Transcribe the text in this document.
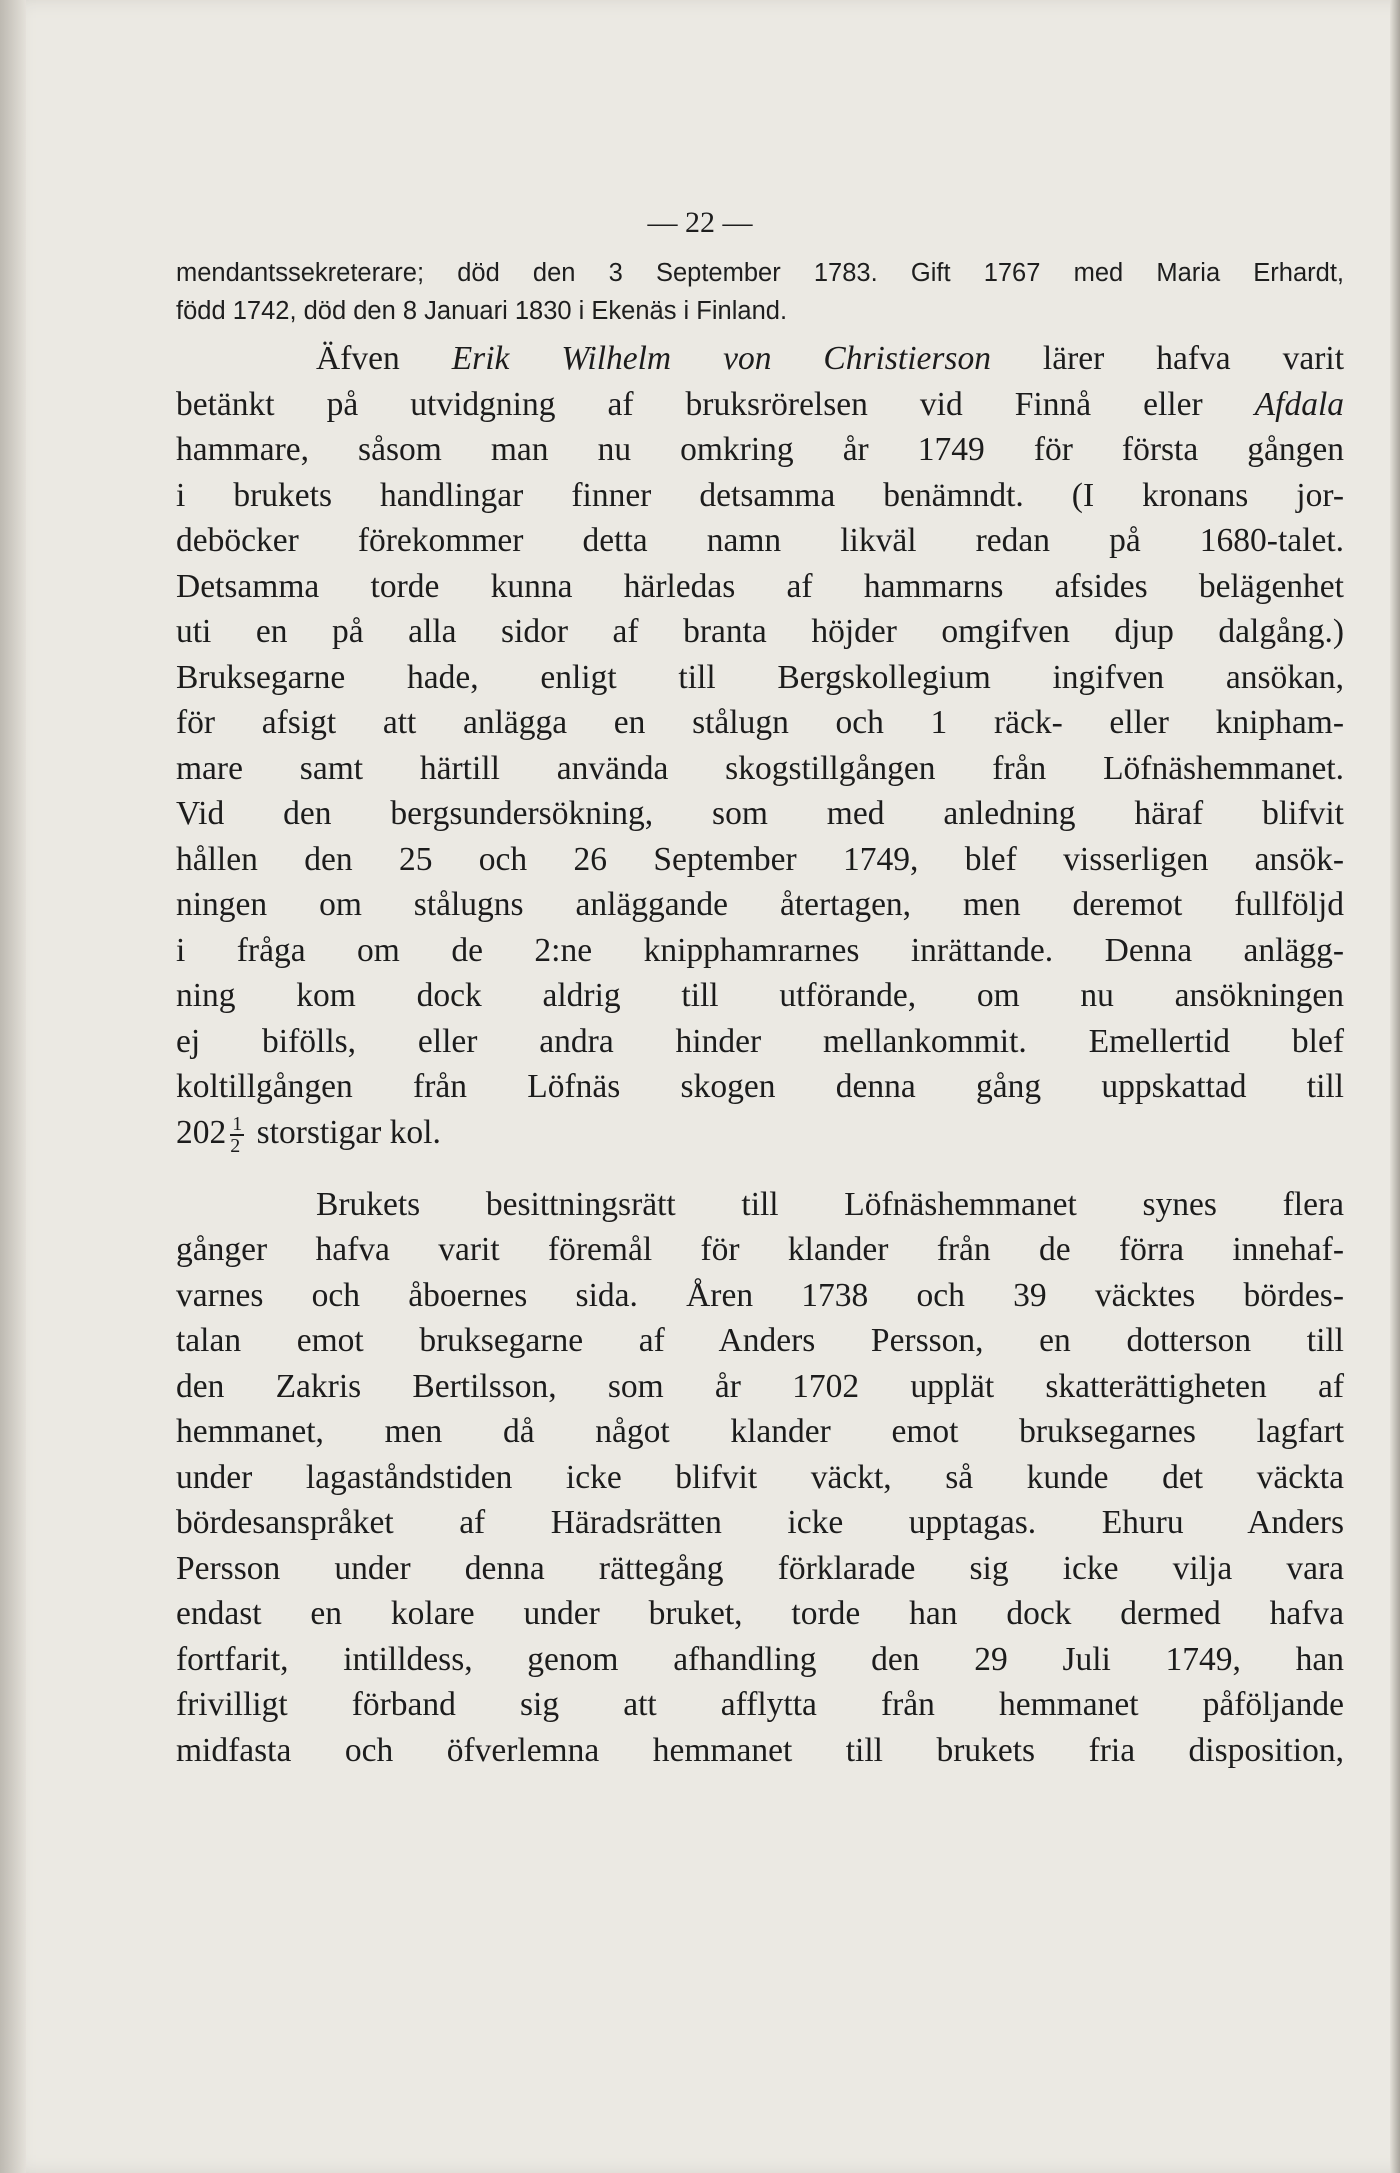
— 22 —
mendantssekreterare; död den 3 September 1783. Gift 1767 med Maria Erhardt,
född 1742, död den 8 Januari 1830 i Ekenäs i Finland.
Äfven Erik Wilhelm von Christierson lärer hafva varit
betänkt på utvidgning af bruksrörelsen vid Finnå eller Afdala
hammare, såsom man nu omkring år 1749 för första gången
i brukets handlingar finner detsamma benämndt. (I kronans jor-
deböcker förekommer detta namn likväl redan på 1680-talet.
Detsamma torde kunna härledas af hammarns afsides belägenhet
uti en på alla sidor af branta höjder omgifven djup dalgång.)
Bruksegarne hade, enligt till Bergskollegium ingifven ansökan,
för afsigt att anlägga en stålugn och 1 räck- eller knipham-
mare samt härtill använda skogstillgången från Löfnäshemmanet.
Vid den bergsundersökning, som med anledning häraf blifvit
hållen den 25 och 26 September 1749, blef visserligen ansök-
ningen om stålugns anläggande återtagen, men deremot fullföljd
i fråga om de 2:ne knipphamrarnes inrättande. Denna anlägg-
ning kom dock aldrig till utförande, om nu ansökningen
ej bifölls, eller andra hinder mellankommit. Emellertid blef
koltillgången från Löfnäs skogen denna gång uppskattad till
$202 \frac{1}{2}$ storstigar kol.
Brukets besittningsrätt till Löfnäshemmanet synes flera
gånger hafva varit föremål för klander från de förra innehaf-
varnes och åboernes sida. Åren 1738 och 39 väcktes bördes-
talan emot bruksegarne af Anders Persson, en dotterson till
den Zakris Bertilsson, som år 1702 upplät skatterättigheten af
hemmanet, men då något klander emot bruksegarnes lagfart
under lagaståndstiden icke blifvit väckt, så kunde det väckta
bördesanspråket af Häradsrätten icke upptagas. Ehuru Anders
Persson under denna rättegång förklarade sig icke vilja vara
endast en kolare under bruket, torde han dock dermed hafva
fortfarit, intilldess, genom afhandling den 29 Juli 1749, han
frivilligt förband sig att afflytta från hemmanet påföljande
midfasta och öfverlemna hemmanet till brukets fria disposition,
